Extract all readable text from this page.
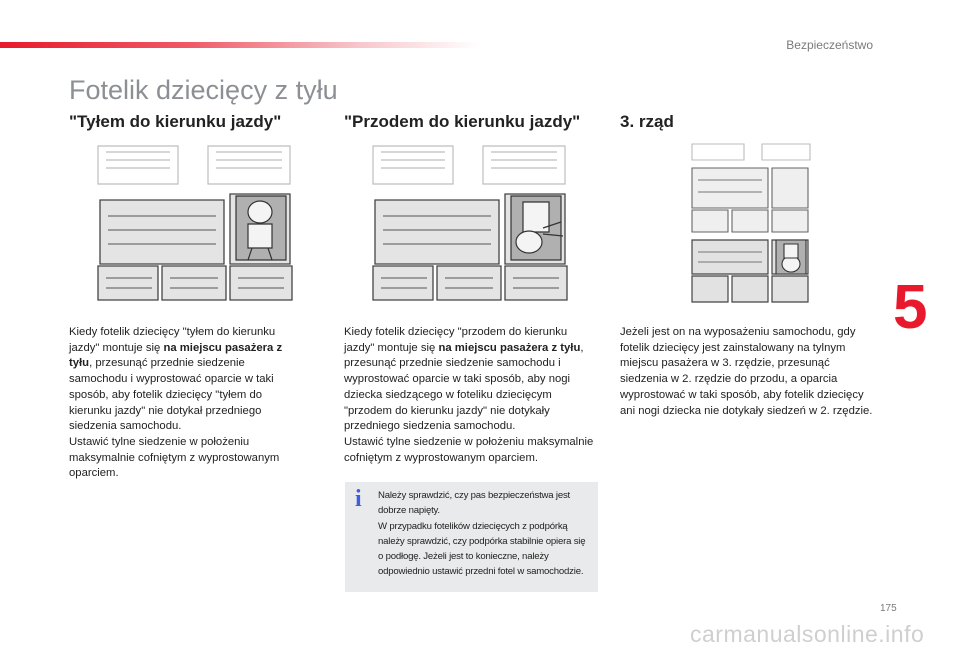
Bezpieczeństwo
Fotelik dziecięcy z tyłu
"Tyłem do kierunku jazdy"	"Przodem do kierunku jazdy" 3. rząd
Kiedy fotelik dziecięcy "tyłem do kierunku jazdy" montuje się na miejscu pasażera z tyłu, przesunąć przednie siedzenie samochodu i wyprostować oparcie w taki sposób, aby fotelik dziecięcy "tyłem do kierunku jazdy" nie dotykał przedniego siedzenia samochodu.
Ustawić tylne siedzenie w położeniu maksymalnie cofniętym z wyprostowanym oparciem.
Kiedy fotelik dziecięcy "przodem do kierunku jazdy" montuje się na miejscu pasażera z tyłu, przesunąć przednie siedzenie samochodu i wyprostować oparcie w taki sposób, aby nogi dziecka siedzącego w foteliku dziecięcym "przodem do kierunku jazdy" nie dotykały przedniego siedzenia samochodu.
Ustawić tylne siedzenie w położeniu maksymalnie cofniętym z wyprostowanym oparciem.
Jeżeli jest on na wyposażeniu samochodu, gdy fotelik dziecięcy jest zainstalowany na tylnym miejscu pasażera w 3. rzędzie, przesunąć siedzenia w 2. rzędzie do przodu, a oparcia wyprostować w taki sposób, aby fotelik dziecięcy ani nogi dziecka nie dotykały siedzeń w 2. rzędzie.
i Należy sprawdzić, czy pas bezpieczeństwa jest dobrze napięty.
W przypadku fotelików dziecięcych z podpórką należy sprawdzić, czy podpórka stabilnie opiera się o podłogę. Jeżeli jest to konieczne, należy odpowiednio ustawić przedni fotel w samochodzie.
5
175
carmanualsonline.info
